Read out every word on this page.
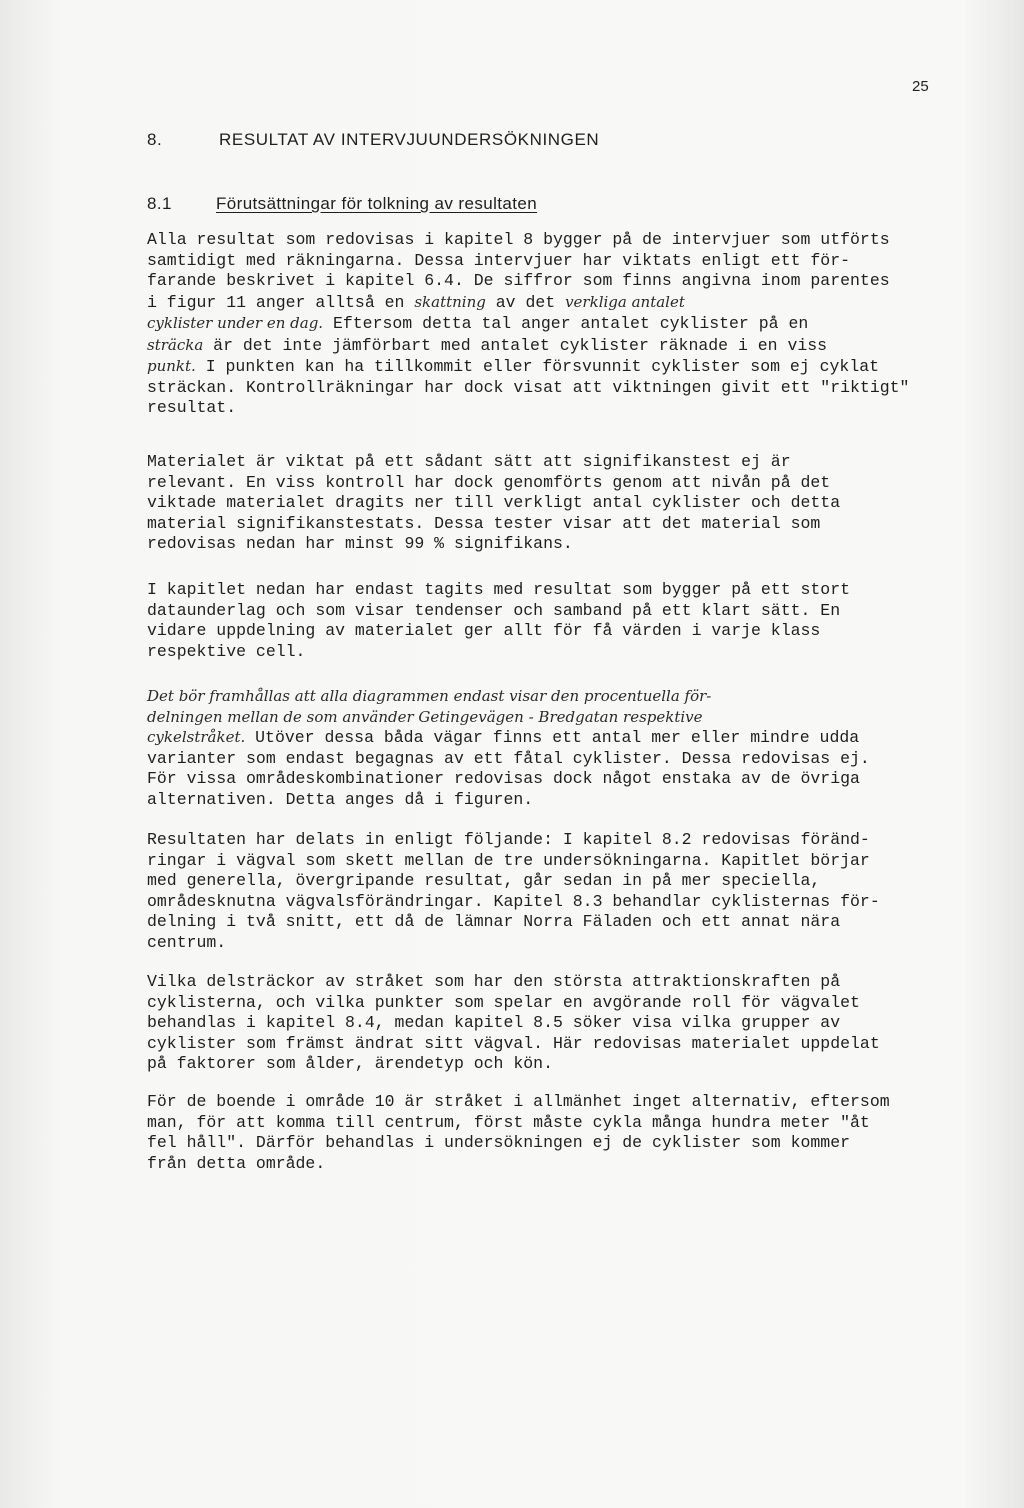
25
8.	RESULTAT AV INTERVJUUNDERSÖKNINGEN
8.1	Förutsättningar för tolkning av resultaten

Alla resultat som redovisas i kapitel 8 bygger på de intervjuer som utförts

samtidigt med räkningarna. Dessa intervjuer har viktats enligt ett för-

farande beskrivet i kapitel 6.4. De siffror som finns angivna inom parentes

i figur 11 anger alltså en skattning av det verkliga antalet

cyklister under en dag. Eftersom detta tal anger antalet cyklister på en

sträcka är det inte jämförbart med antalet cyklister räknade i en viss

punkt. I punkten kan ha tillkommit eller försvunnit cyklister som ej cyklat

sträckan. Kontrollräkningar har dock visat att viktningen givit ett "riktigt"

resultat.

Materialet är viktat på ett sådant sätt att signifikanstest ej är

relevant. En viss kontroll har dock genomförts genom att nivån på det

viktade materialet dragits ner till verkligt antal cyklister och detta

material signifikanstestats. Dessa tester visar att det material som

redovisas nedan har minst 99 % signifikans.

I kapitlet nedan har endast tagits med resultat som bygger på ett stort

dataunderlag och som visar tendenser och samband på ett klart sätt. En

vidare uppdelning av materialet ger allt för få värden i varje klass

respektive cell.

Det bör framhållas att alla diagrammen endast visar den procentuella för-

delningen mellan de som använder Getingevägen - Bredgatan respektive

cykelstråket. Utöver dessa båda vägar finns ett antal mer eller mindre udda

varianter som endast begagnas av ett fåtal cyklister. Dessa redovisas ej.

För vissa områdeskombinationer redovisas dock något enstaka av de övriga

alternativen. Detta anges då i figuren.

Resultaten har delats in enligt följande: I kapitel 8.2 redovisas föränd-

ringar i vägval som skett mellan de tre undersökningarna. Kapitlet börjar

med generella, övergripande resultat, går sedan in på mer speciella,

områdesknutna vägvalsförändringar. Kapitel 8.3 behandlar cyklisternas för-

delning i två snitt, ett då de lämnar Norra Fäladen och ett annat nära

centrum.

Vilka delsträckor av stråket som har den största attraktionskraften på

cyklisterna, och vilka punkter som spelar en avgörande roll för vägvalet

behandlas i kapitel 8.4, medan kapitel 8.5 söker visa vilka grupper av

cyklister som främst ändrat sitt vägval. Här redovisas materialet uppdelat

på faktorer som ålder, ärendetyp och kön.

För de boende i område 10 är stråket i allmänhet inget alternativ, eftersom

man, för att komma till centrum, först måste cykla många hundra meter "åt

fel håll". Därför behandlas i undersökningen ej de cyklister som kommer

från detta område.
